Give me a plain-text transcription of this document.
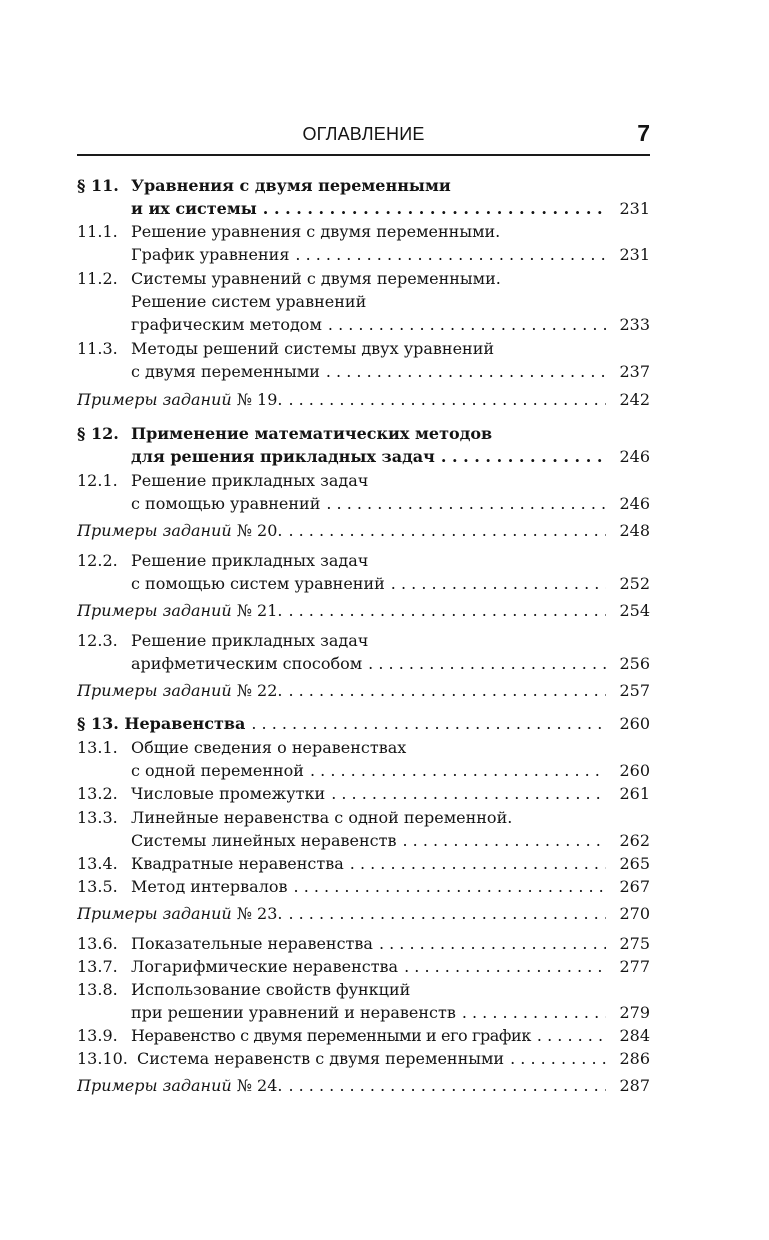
ОГЛАВЛЕНИЕ	7
§ 11. Уравнения с двумя переменными
и их системы . . .	231
11.1. Решение уравнения с двумя переменными.
График уравнения . . .	231
11.2. Системы уравнений с двумя переменными.
Решение систем уравнений
графическим методом . . .	233
11.3. Методы решений системы двух уравнений
с двумя переменными . . .	237
Примеры заданий № 19. . . .	242
§ 12. Применение математических методов
для решения прикладных задач . . .	246
12.1. Решение прикладных задач
с помощью уравнений . . .	246
Примеры заданий № 20. . . .	248
12.2. Решение прикладных задач
с помощью систем уравнений . . .	252
Примеры заданий № 21. . . .	254
12.3. Решение прикладных задач
арифметическим способом . . .	256
Примеры заданий № 22. . . .	257
§ 13. Неравенства . . .	260
13.1. Общие сведения о неравенствах
с одной переменной . . .	260
13.2. Числовые промежутки . . .	261
13.3. Линейные неравенства с одной переменной.
Системы линейных неравенств . . .	262
13.4. Квадратные неравенства . . .	265
13.5. Метод интервалов . . .	267
Примеры заданий № 23. . . .	270
13.6. Показательные неравенства . . .	275
13.7. Логарифмические неравенства . . .	277
13.8. Использование свойств функций
при решении уравнений и неравенств . . .	279
13.9. Неравенство с двумя переменными и его график . . .	284
13.10. Система неравенств с двумя переменными . . .	286
Примеры заданий № 24. . . .	287
